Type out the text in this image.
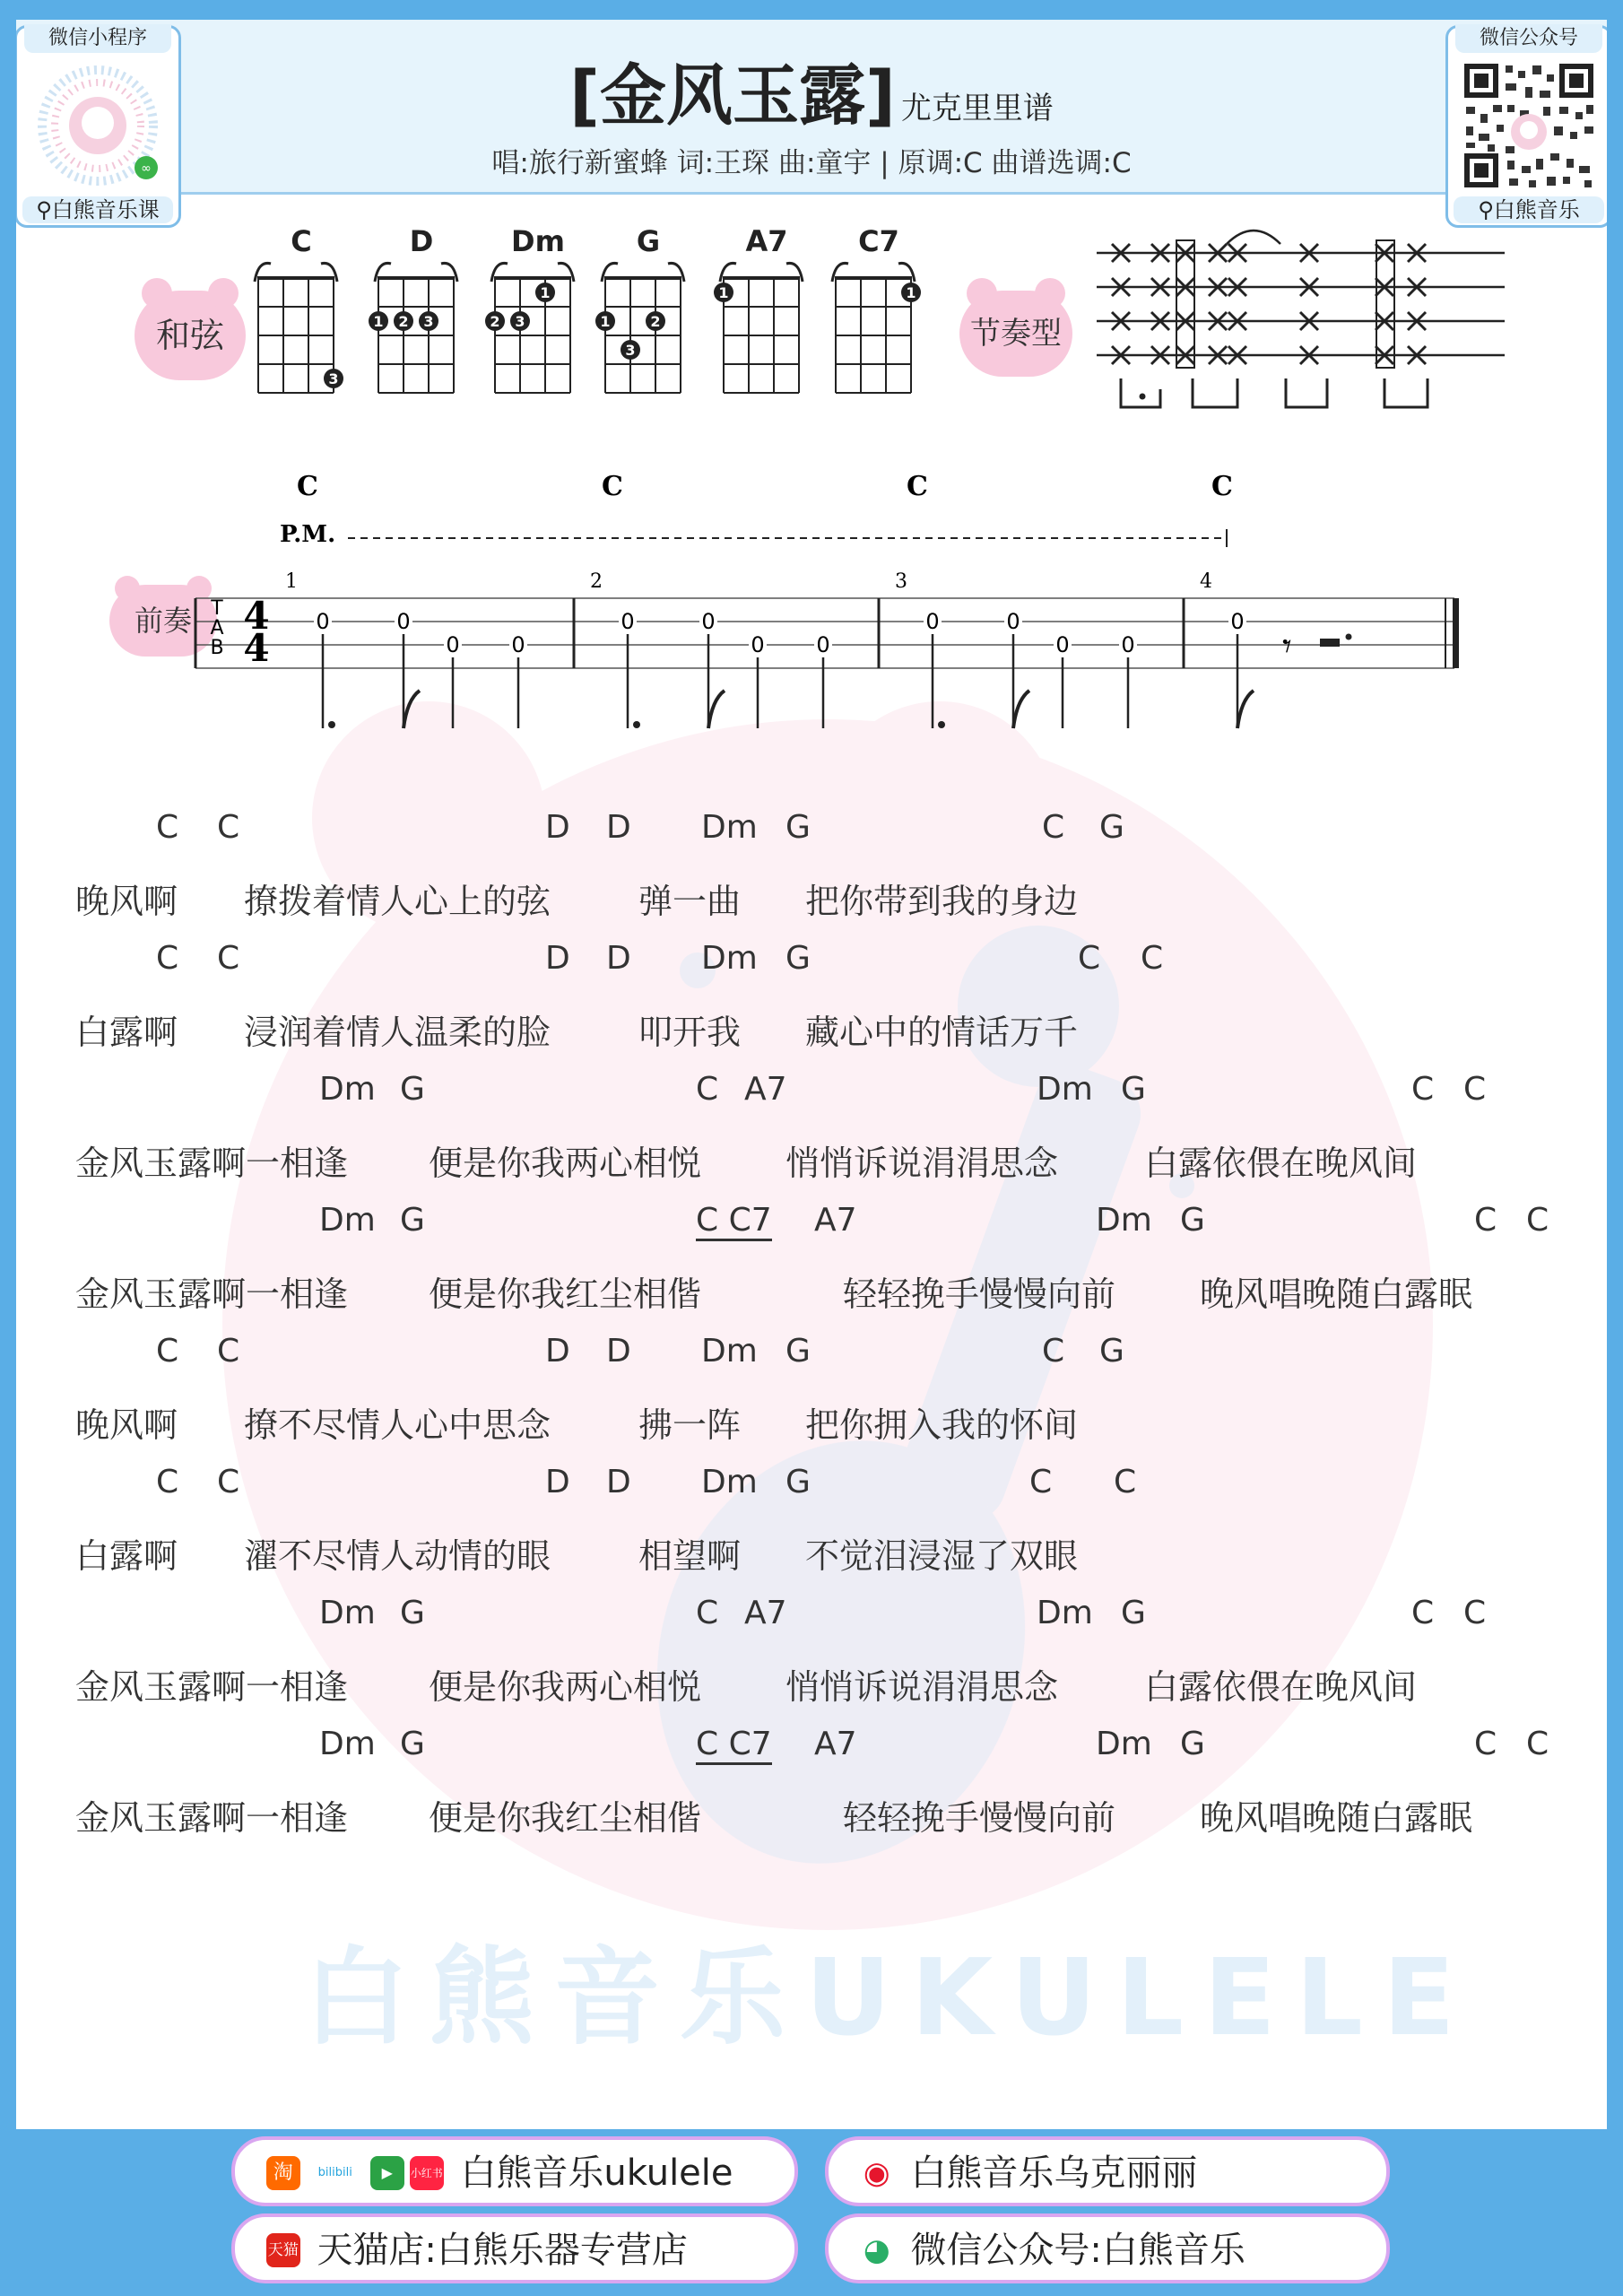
白熊音乐UKULELE
[金风玉露] 尤克里里谱
唱:旅行新蜜蜂 词:王琛 曲:童宇 | 原调:C 曲谱选调:C
微信小程序
∞
⚲白熊音乐课
微信公众号
⚲白熊音乐
和弦
C
3
D
1 2 3
Dm
2 3
1
G
1	2
3
A7
1
C7
1
节奏型
前奏
C	C	C	C
P.M.
T
A
B
4
4
1	2	3	4
0	0
0 0
0	0
0 0
0	0
0 0
0
𝄾
C C	D D Dm G	C G
晚风啊 撩拨着情人心上的弦	弹一曲 把你带到我的身边
C C	D D Dm G	C C
白露啊 浸润着情人温柔的脸	叩开我 藏心中的情话万千
Dm G	C A7	Dm G	C C
金风玉露啊一相逢 便是你我两心相悦 悄悄诉说涓涓思念	白露依偎在晚风间
Dm G	C C7 A7	Dm G	C C
金风玉露啊一相逢 便是你我红尘相偕	轻轻挽手慢慢向前 晚风唱晚随白露眠
C C	D D Dm G	C G
晚风啊 撩不尽情人心中思念	拂一阵 把你拥入我的怀间
C C	D D Dm G	C C
白露啊 濯不尽情人动情的眼	相望啊 不觉泪浸湿了双眼
Dm G	C A7	Dm G	C C
金风玉露啊一相逢 便是你我两心相悦 悄悄诉说涓涓思念	白露依偎在晚风间
Dm G	C C7 A7	Dm G	C C
金风玉露啊一相逢 便是你我红尘相偕	轻轻挽手慢慢向前 晚风唱晚随白露眠
淘 bilibili ▶ 小红书 白熊音乐ukulele	◉ 白熊音乐乌克丽丽
天猫 天猫店:白熊乐器专营店	◕ 微信公众号:白熊音乐
